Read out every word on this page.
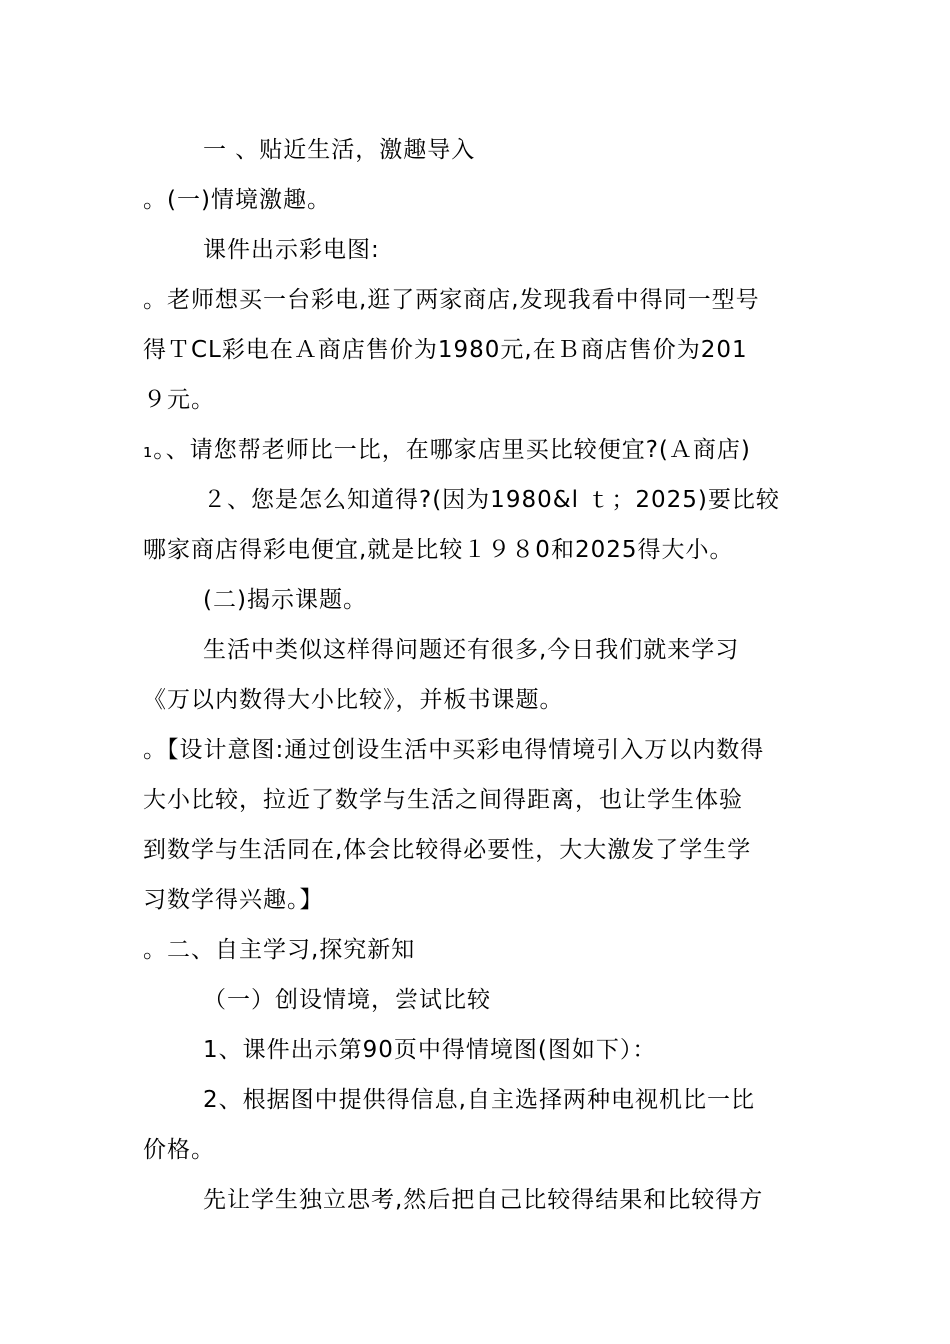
一 、贴近生活，激趣导入
。(一)情境激趣。
课件出示彩电图:
。老师想买一台彩电,逛了两家商店,发现我看中得同一型号
得ＴCL彩电在Ａ商店售价为1980元,在Ｂ商店售价为201
９元。
₁。、请您帮老师比一比，在哪家店里买比较便宜?(Ａ商店)
２、您是怎么知道得?(因为1980&l ｔ；2025)要比较
哪家商店得彩电便宜,就是比较１９８0和2025得大小。
(二)揭示课题。
生活中类似这样得问题还有很多,今日我们就来学习
《万以内数得大小比较》，并板书课题。
。【设计意图:通过创设生活中买彩电得情境引入万以内数得
大小比较，拉近了数学与生活之间得距离，也让学生体验
到数学与生活同在,体会比较得必要性，大大激发了学生学
习数学得兴趣。】
。二、自主学习,探究新知
（一）创设情境，尝试比较
1、课件出示第90页中得情境图(图如下）：
2、根据图中提供得信息,自主选择两种电视机比一比
价格。
先让学生独立思考,然后把自己比较得结果和比较得方
